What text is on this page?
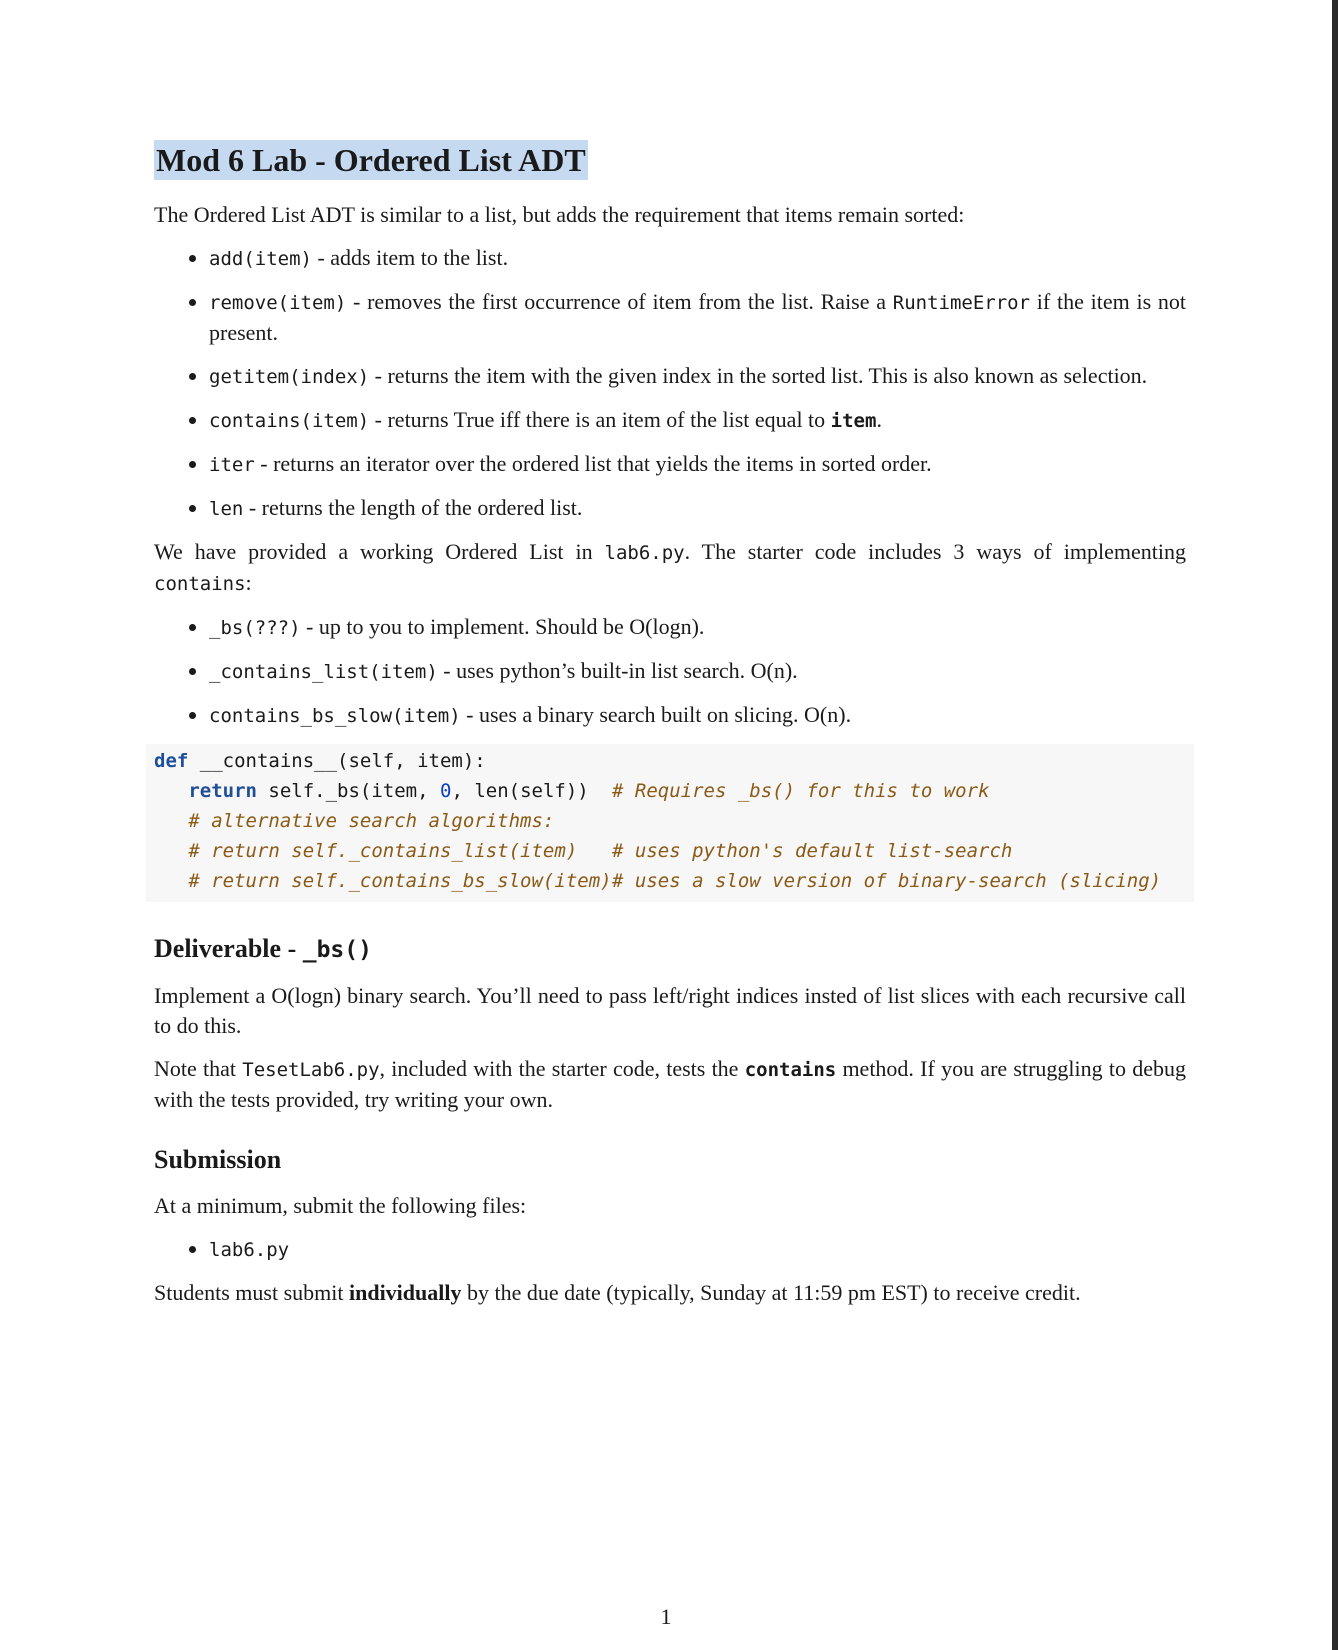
Mod 6 Lab - Ordered List ADT

The Ordered List ADT is similar to a list, but adds the requirement that items remain sorted:

• add(item) - adds item to the list.
• remove(item) - removes the first occurrence of item from the list. Raise a RuntimeError if the item is not present.
• getitem(index) - returns the item with the given index in the sorted list. This is also known as selection.
• contains(item) - returns True iff there is an item of the list equal to item.
• iter - returns an iterator over the ordered list that yields the items in sorted order.
• len - returns the length of the ordered list.

We have provided a working Ordered List in lab6.py. The starter code includes 3 ways of implementing contains:

• _bs(???) - up to you to implement. Should be O(logn).
• _contains_list(item) - uses python’s built-in list search. O(n).
• contains_bs_slow(item) - uses a binary search built on slicing. O(n).
def __contains__(self, item):
return self._bs(item, 0, len(self)) # Requires _bs() for this to work
# alternative search algorithms:
# return self._contains_list(item) # uses python's default list-search
# return self._contains_bs_slow(item) # uses a slow version of binary-search (slicing)
Deliverable - _bs()

Implement a O(logn) binary search. You’ll need to pass left/right indices insted of list slices with each recursive call to do this.

Note that TesetLab6.py, included with the starter code, tests the contains method. If you are struggling to debug with the tests provided, try writing your own.

Submission

At a minimum, submit the following files:

• lab6.py

Students must submit individually by the due date (typically, Sunday at 11:59 pm EST) to receive credit.

1
